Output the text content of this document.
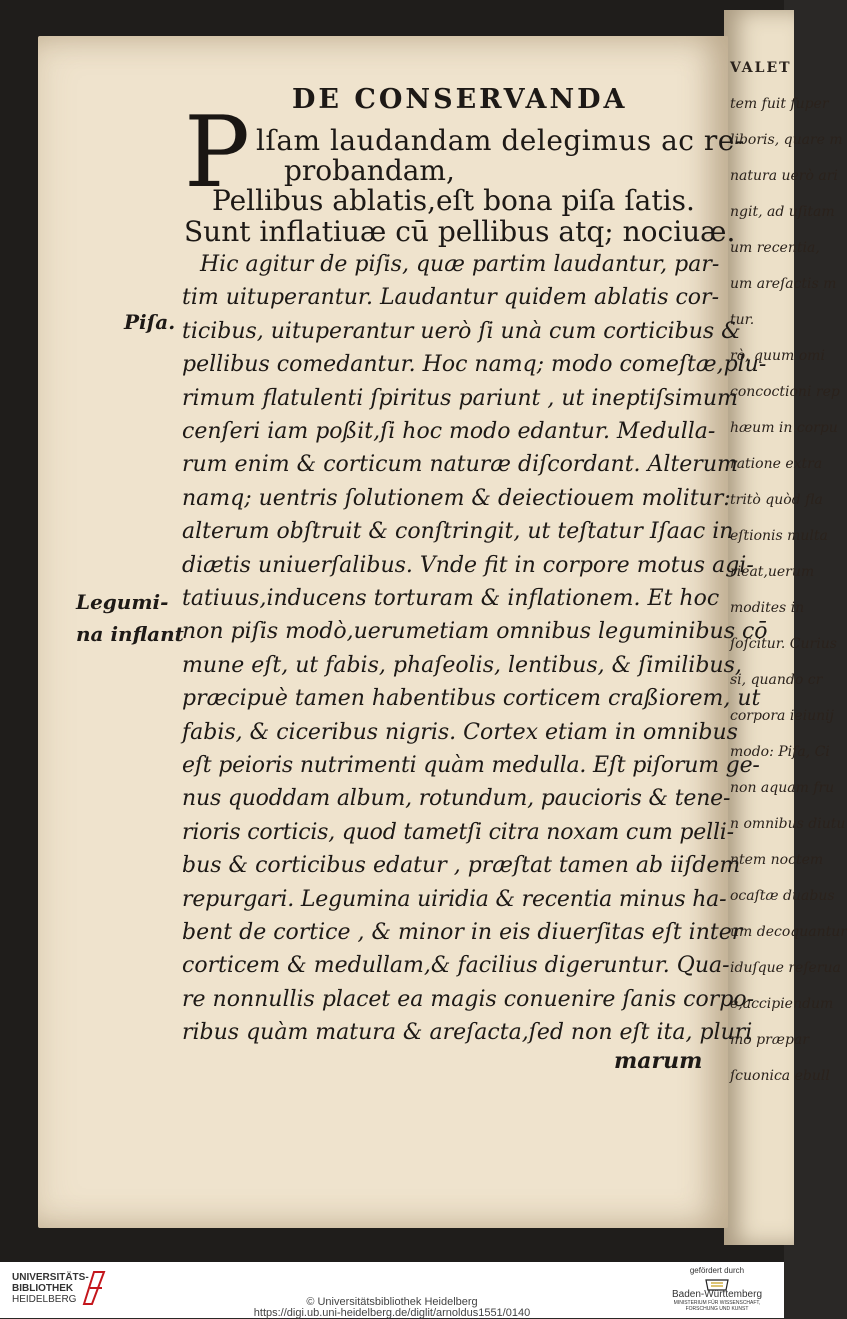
VALET
tem fuit ſuper
liboris, quare m
natura uerò ari
ngit, ad uſitam
um recentia,
um areſactis m
tur.
rò, quum omi
concoctioni rep
hæum in corpu
ratione extra
tritò quòd fla
eſtionis multa
rieat,uerum
modites in
ſoſcitur. Curius
si, quando cr
corpora ieiunij
modo: Piſa, Ci
non aquam fru
n omnibus diutu
ntem noctem
ocaſtæ duabus
um decoquantur
iduſque reſerua
e,accipiendum
mo præpar
ſcuonica ebull
DE CONSERVANDA
P lſam laudandam delegimus ac re-
probandam,
Pellibus ablatis,eſt bona piſa ſatis.
Sunt inflatiuæ cū pellibus atq; nociuæ.
Hic agitur de piſis, quæ partim laudantur, par-
tim uituperantur. Laudantur quidem ablatis cor-
ticibus, uituperantur uerò ſi unà cum corticibus &
pellibus comedantur. Hoc namq; modo comeſtæ,plu-
rimum flatulenti ſpiritus pariunt , ut ineptiſsimum
cenſeri iam poßit,ſi hoc modo edantur. Medulla-
rum enim & corticum naturæ diſcordant. Alterum
namq; uentris ſolutionem & deiectiouem molitur:
alterum obſtruit & conſtringit, ut teſtatur Iſaac in
diætis uniuerſalibus. Vnde fit in corpore motus agi-
tatiuus,inducens torturam & inflationem. Et hoc
non piſis modò,uerumetiam omnibus leguminibus cō
mune eſt, ut fabis, phaſeolis, lentibus, & ſimilibus,
præcipuè tamen habentibus corticem craßiorem, ut
fabis, & ciceribus nigris. Cortex etiam in omnibus
eſt peioris nutrimenti quàm medulla. Eſt piſorum ge-
nus quoddam album, rotundum, paucioris & tene-
rioris corticis, quod tametſi citra noxam cum pelli-
bus & corticibus edatur , præſtat tamen ab iiſdem
repurgari. Legumina uiridia & recentia minus ha-
bent de cortice , & minor in eis diuerſitas eſt inter
corticem & medullam,& facilius digeruntur. Qua-
re nonnullis placet ea magis conuenire ſanis corpo-
ribus quàm matura & areſacta,ſed non eſt ita, pluri
Piſa.
Legumi-
na inflant
marum
UNIVERSITÄTS-
BIBLIOTHEK
HEIDELBERG	© Universitätsbibliothek Heidelberg
https://digi.ub.uni-heidelberg.de/diglit/arnoldus1551/0140
gefördert durch
Baden-Württemberg
MINISTERIUM FÜR WISSENSCHAFT, FORSCHUNG UND KUNST
